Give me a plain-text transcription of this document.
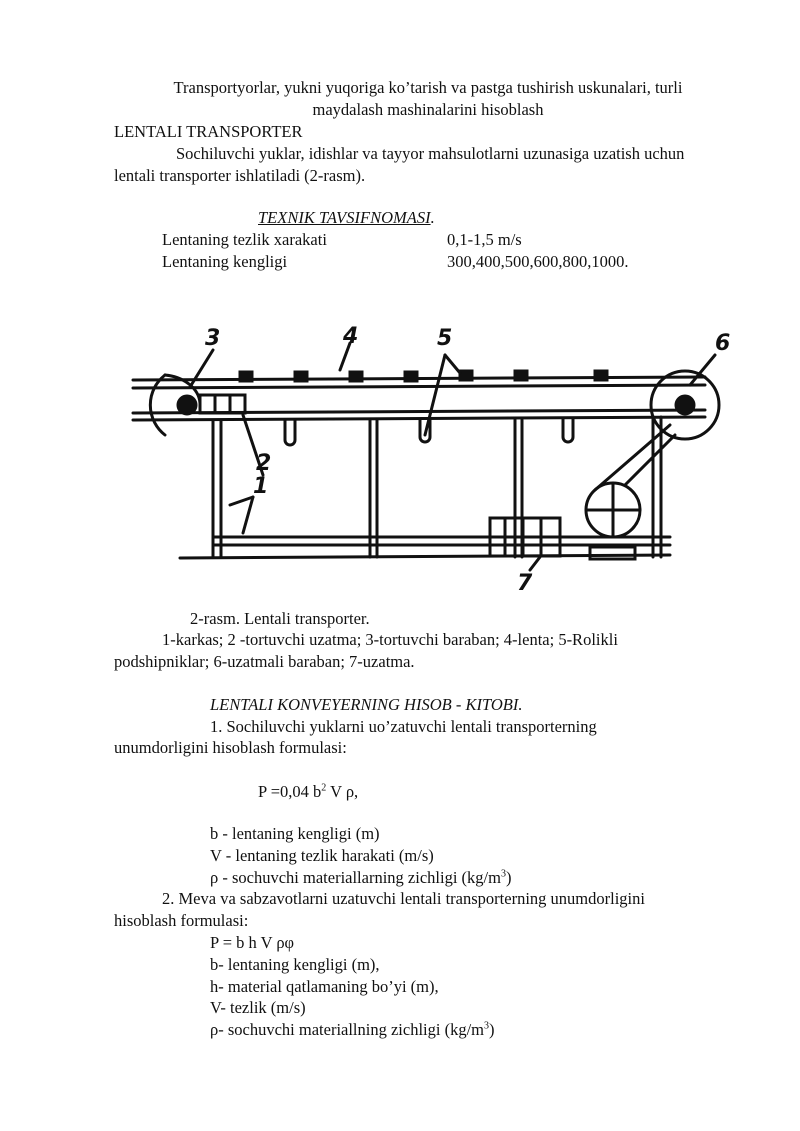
Transportyorlar, yukni yuqoriga ko’tarish va pastga tushirish uskunalari, turli
maydalash mashinalarini hisoblash
LENTALI TRANSPORTER
Sochiluvchi yuklar, idishlar va tayyor mahsulotlarni uzunasiga uzatish uchun
lentali transporter ishlatiladi (2-rasm).
TEXNIK TAVSIFNOMASI.
Lentaning tezlik xarakati	0,1-1,5 m/s
Lentaning kengligi	300,400,500,600,800,1000.
3	4	5	6
2
1
7
2-rasm. Lentali transporter.
1-karkas; 2 -tortuvchi uzatma; 3-tortuvchi baraban; 4-lenta; 5-Rolikli
podshipniklar; 6-uzatmali baraban; 7-uzatma.
LENTALI KONVEYERNING HISOB - KITOBI.
1. Sochiluvchi yuklarni uo’zatuvchi lentali transporterning
unumdorligini hisoblash formulasi:
P =0,04 $b^2$ V ρ,
b - lentaning kengligi (m)
V - lentaning tezlik harakati (m/s)
ρ - sochuvchi materiallarning zichligi $(kg/m^3)$
2. Meva va sabzavotlarni uzatuvchi lentali transporterning unumdorligini
hisoblash formulasi:
P = b h V ρφ
b- lentaning kengligi (m),
h- material qatlamaning bo’yi (m),
V- tezlik (m/s)
ρ- sochuvchi materiallning zichligi $(kg/m^3)$
